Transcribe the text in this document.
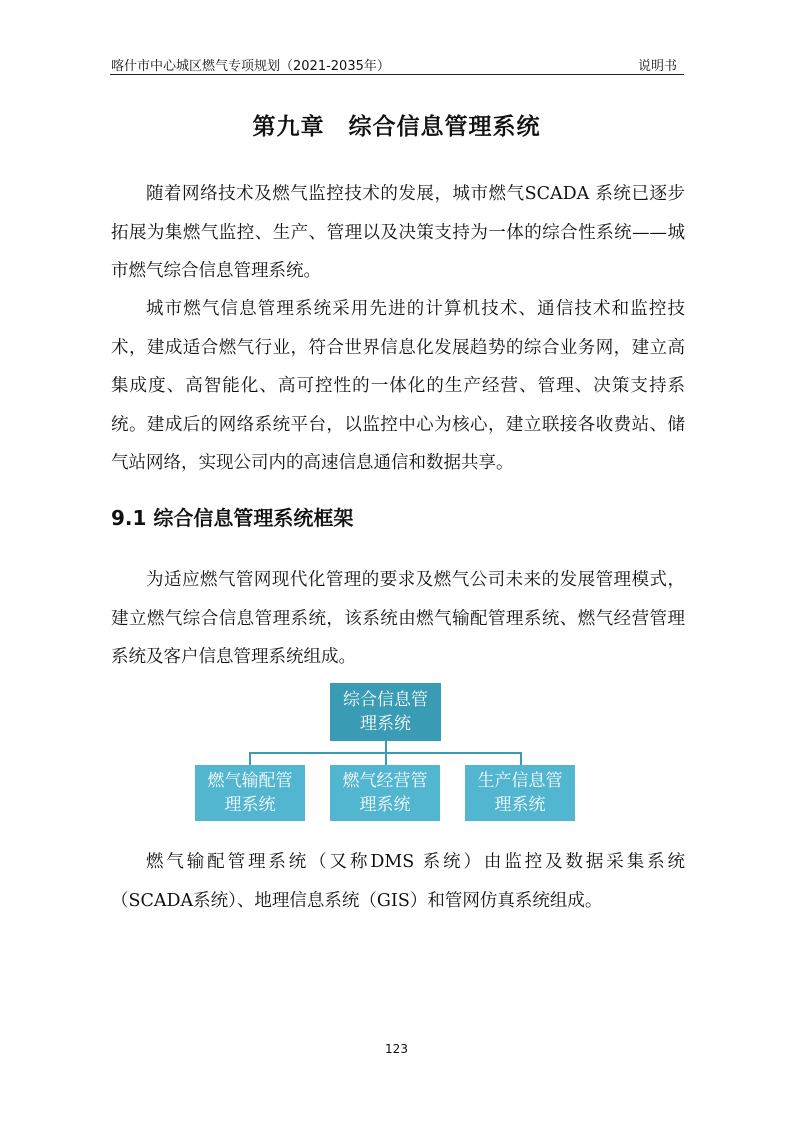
喀什市中心城区燃气专项规划（2021-2035年）	说明书
第九章　综合信息管理系统

随着网络技术及燃气监控技术的发展，城市燃气SCADA 系统已逐步拓展为集燃气监控、生产、管理以及决策支持为一体的综合性系统——城市燃气综合信息管理系统。

城市燃气信息管理系统采用先进的计算机技术、通信技术和监控技术，建成适合燃气行业，符合世界信息化发展趋势的综合业务网，建立高集成度、高智能化、高可控性的一体化的生产经营、管理、决策支持系统。建成后的网络系统平台，以监控中心为核心，建立联接各收费站、储气站网络，实现公司内的高速信息通信和数据共享。

9.1 综合信息管理系统框架

为适应燃气管网现代化管理的要求及燃气公司未来的发展管理模式，建立燃气综合信息管理系统，该系统由燃气输配管理系统、燃气经营管理系统及客户信息管理系统组成。

综合信息管理系统
燃气输配管理系统
燃气经营管理系统
生产信息管理系统

燃气输配管理系统（又称DMS 系统）由监控及数据采集系统（SCADA系统）、地理信息系统（GIS）和管网仿真系统组成。

123
